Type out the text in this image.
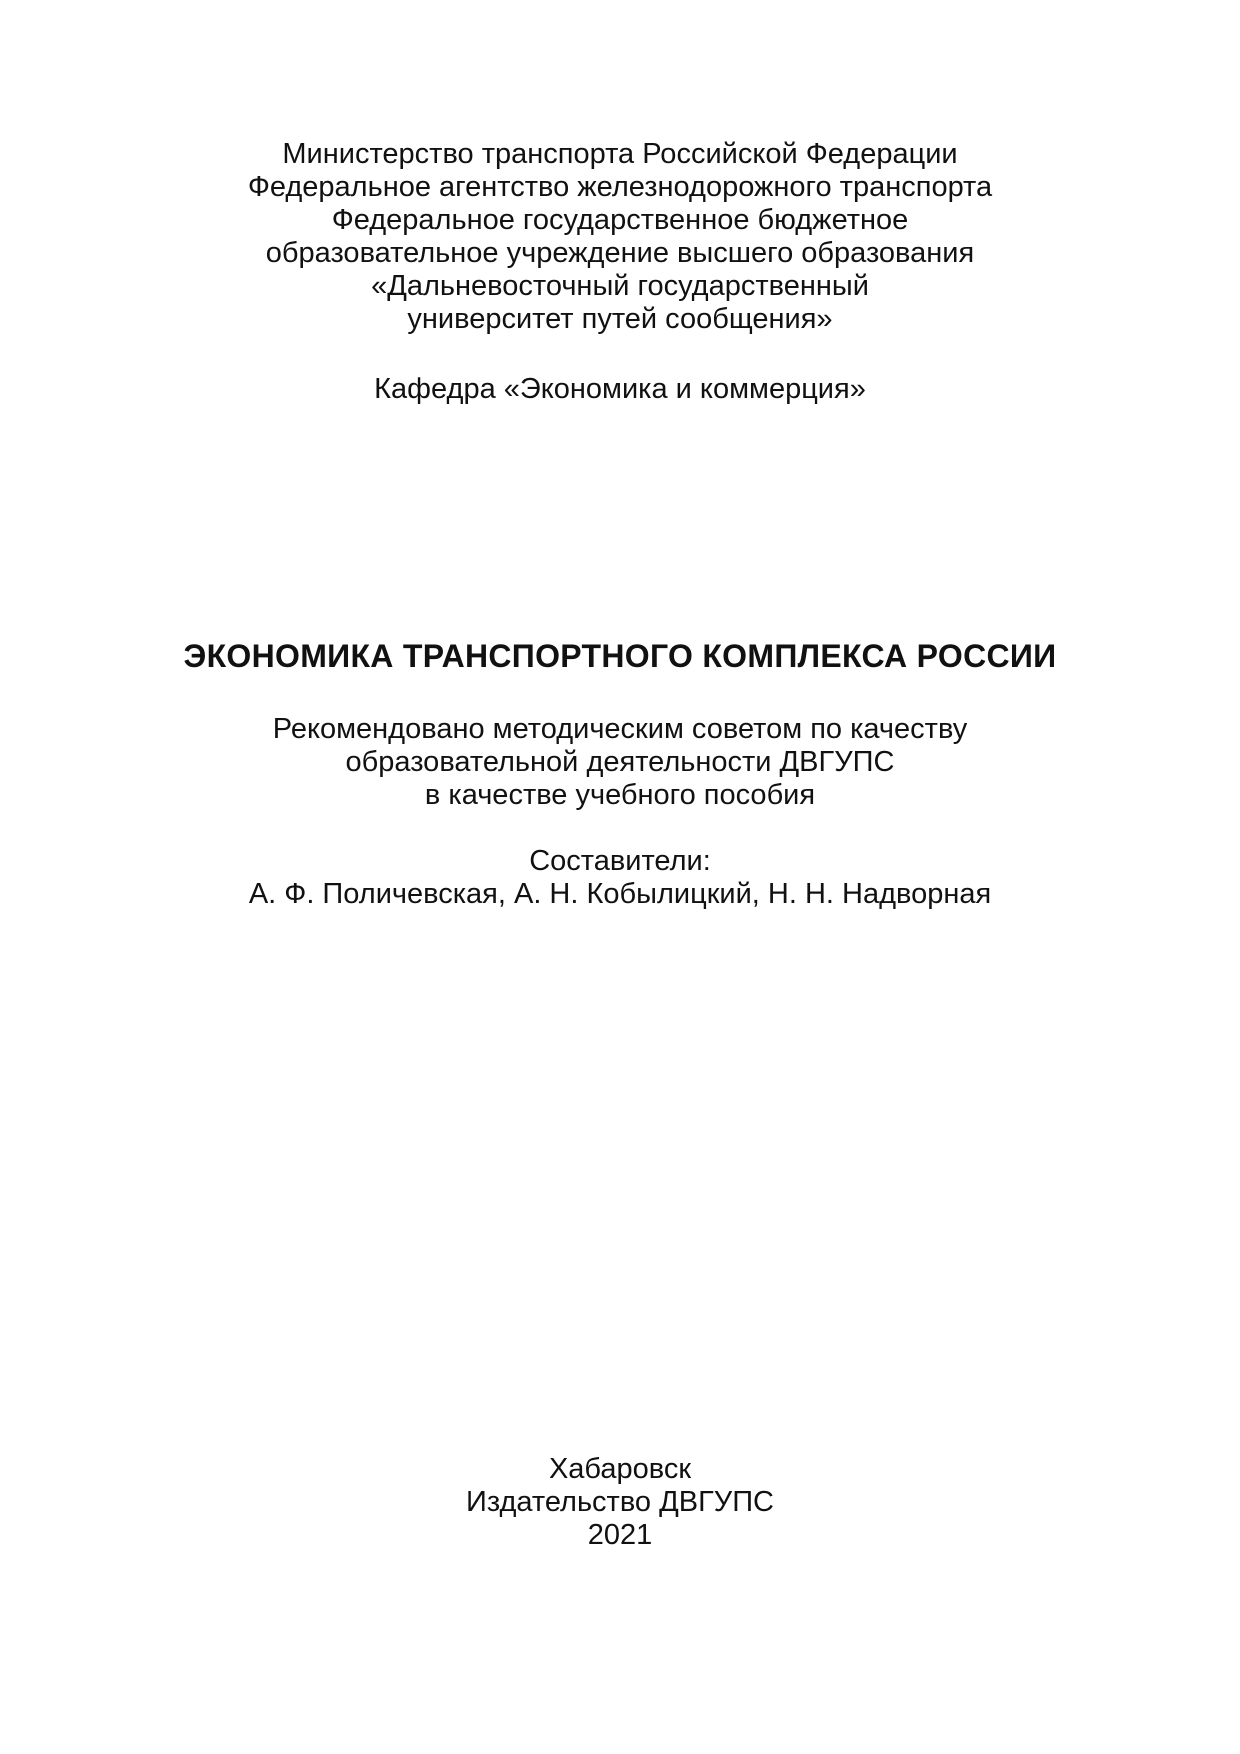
Министерство транспорта Российской Федерации
Федеральное агентство железнодорожного транспорта
Федеральное государственное бюджетное
образовательное учреждение высшего образования
«Дальневосточный государственный
университет путей сообщения»
Кафедра «Экономика и коммерция»
ЭКОНОМИКА ТРАНСПОРТНОГО КОМПЛЕКСА РОССИИ
Рекомендовано методическим советом по качеству
образовательной деятельности ДВГУПС
в качестве учебного пособия
Составители:
А. Ф. Поличевская, А. Н. Кобылицкий, Н. Н. Надворная
Хабаровск
Издательство ДВГУПС
2021
